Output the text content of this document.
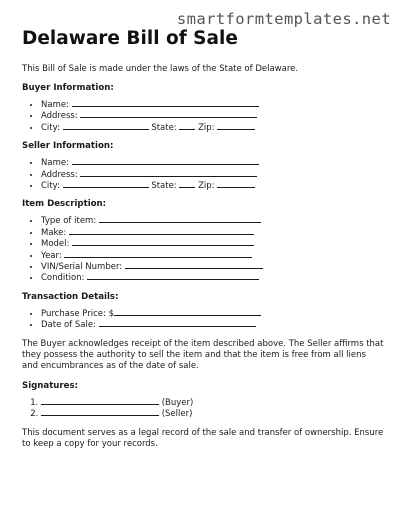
smartformtemplates.net
Delaware Bill of Sale

This Bill of Sale is made under the laws of the State of Delaware.

Buyer Information:
• Name:
• Address:
• City:	State:	Zip:
Seller Information:
• Name:
• Address:
• City:	State:	Zip:
Item Description:
• Type of item:
• Make:
• Model:
• Year:
• VIN/Serial Number:
• Condition:
Transaction Details:
• Purchase Price: $
• Date of Sale:

The Buyer acknowledges receipt of the item described above. The Seller affirms that they possess the authority to sell the item and that the item is free from all liens and encumbrances as of the date of sale.

Signatures:
1. (Buyer)
2. (Seller)

This document serves as a legal record of the sale and transfer of ownership. Ensure to keep a copy for your records.
